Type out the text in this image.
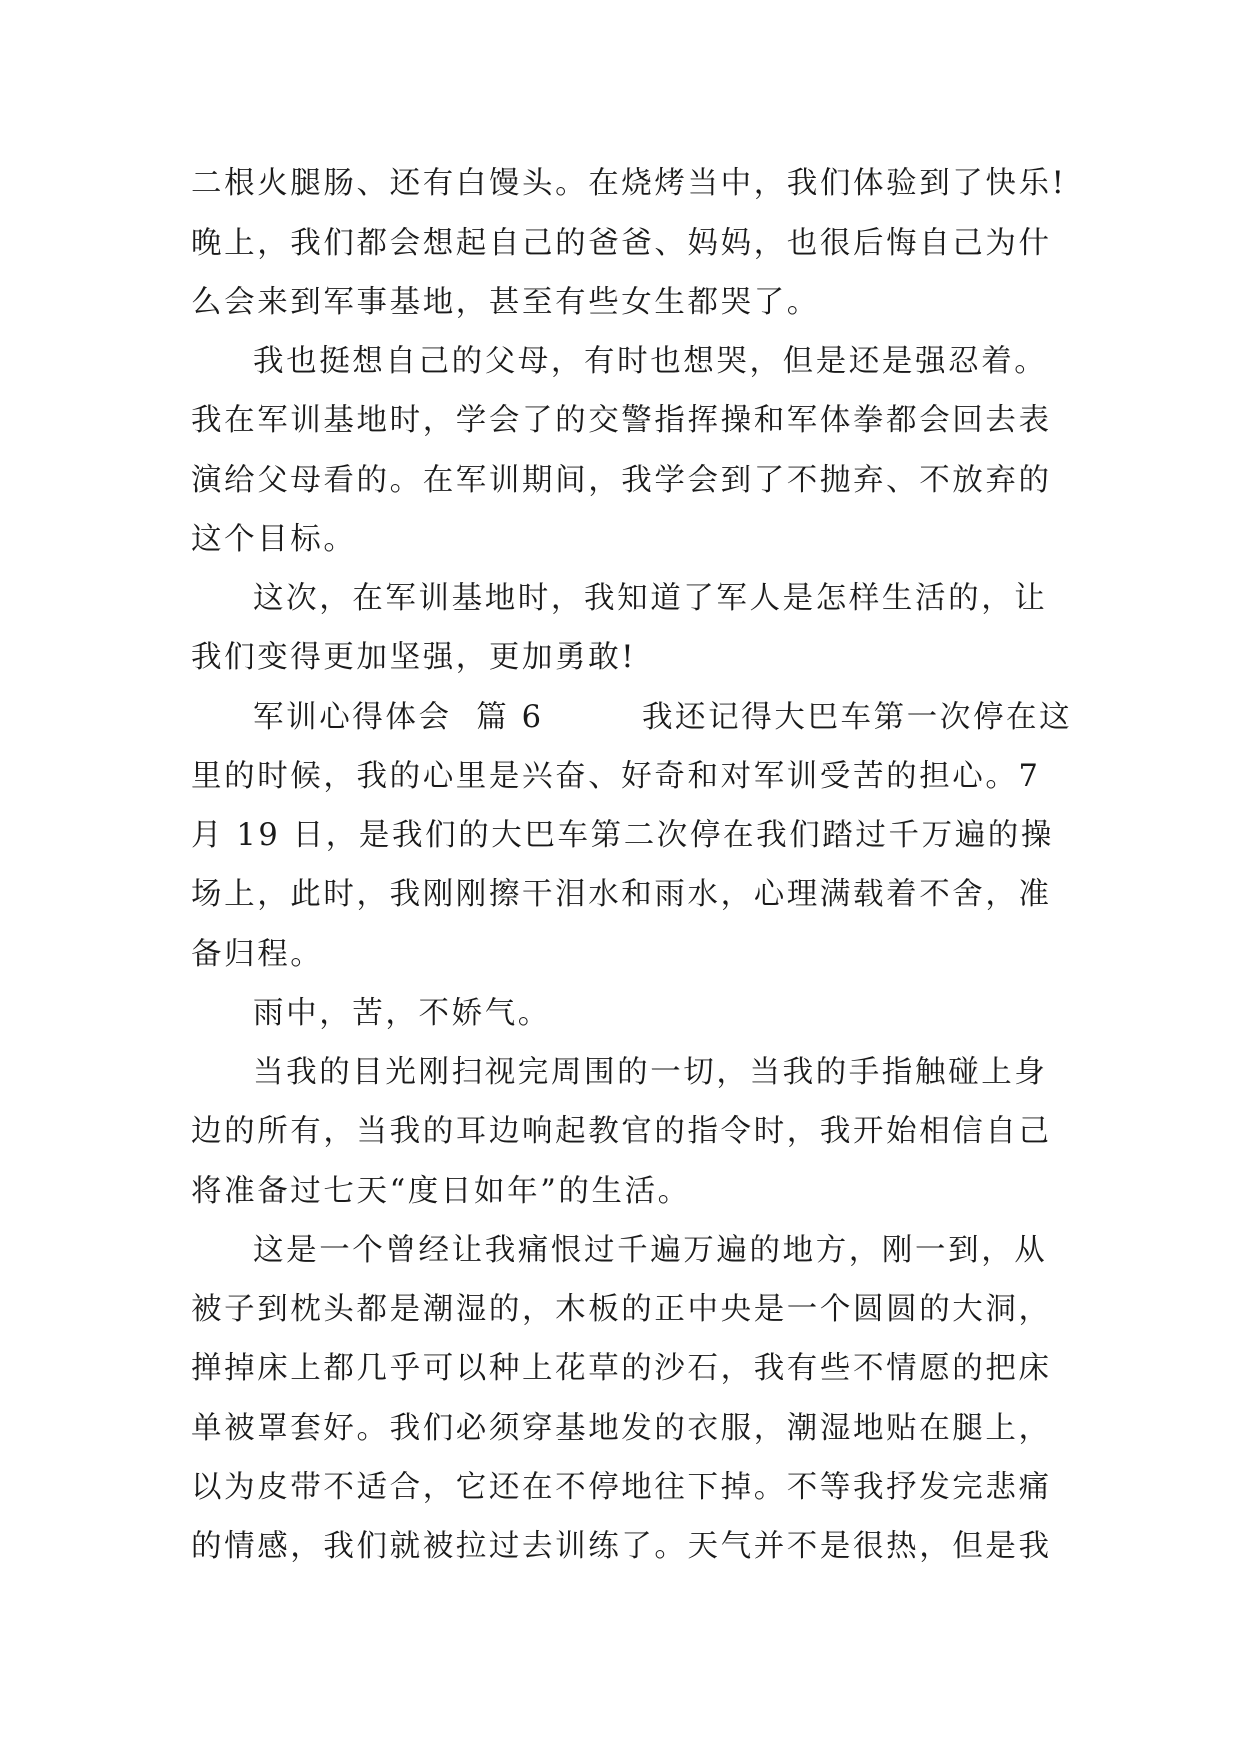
二根火腿肠、还有白馒头。在烧烤当中，我们体验到了快乐!
晚上，我们都会想起自己的爸爸、妈妈，也很后悔自己为什
么会来到军事基地，甚至有些女生都哭了。
我也挺想自己的父母，有时也想哭，但是还是强忍着。
我在军训基地时，学会了的交警指挥操和军体拳都会回去表
演给父母看的。在军训期间，我学会到了不抛弃、不放弃的
这个目标。
这次，在军训基地时，我知道了军人是怎样生活的，让
我们变得更加坚强，更加勇敢!
军训心得体会  篇 6        我还记得大巴车第一次停在这
里的时候，我的心里是兴奋、好奇和对军训受苦的担心。7
月 19 日，是我们的大巴车第二次停在我们踏过千万遍的操
场上，此时，我刚刚擦干泪水和雨水，心理满载着不舍，准
备归程。
雨中，苦，不娇气。
当我的目光刚扫视完周围的一切，当我的手指触碰上身
边的所有，当我的耳边响起教官的指令时，我开始相信自己
将准备过七天“度日如年”的生活。
这是一个曾经让我痛恨过千遍万遍的地方，刚一到，从
被子到枕头都是潮湿的，木板的正中央是一个圆圆的大洞，
掸掉床上都几乎可以种上花草的沙石，我有些不情愿的把床
单被罩套好。我们必须穿基地发的衣服，潮湿地贴在腿上，
以为皮带不适合，它还在不停地往下掉。不等我抒发完悲痛
的情感，我们就被拉过去训练了。天气并不是很热，但是我
